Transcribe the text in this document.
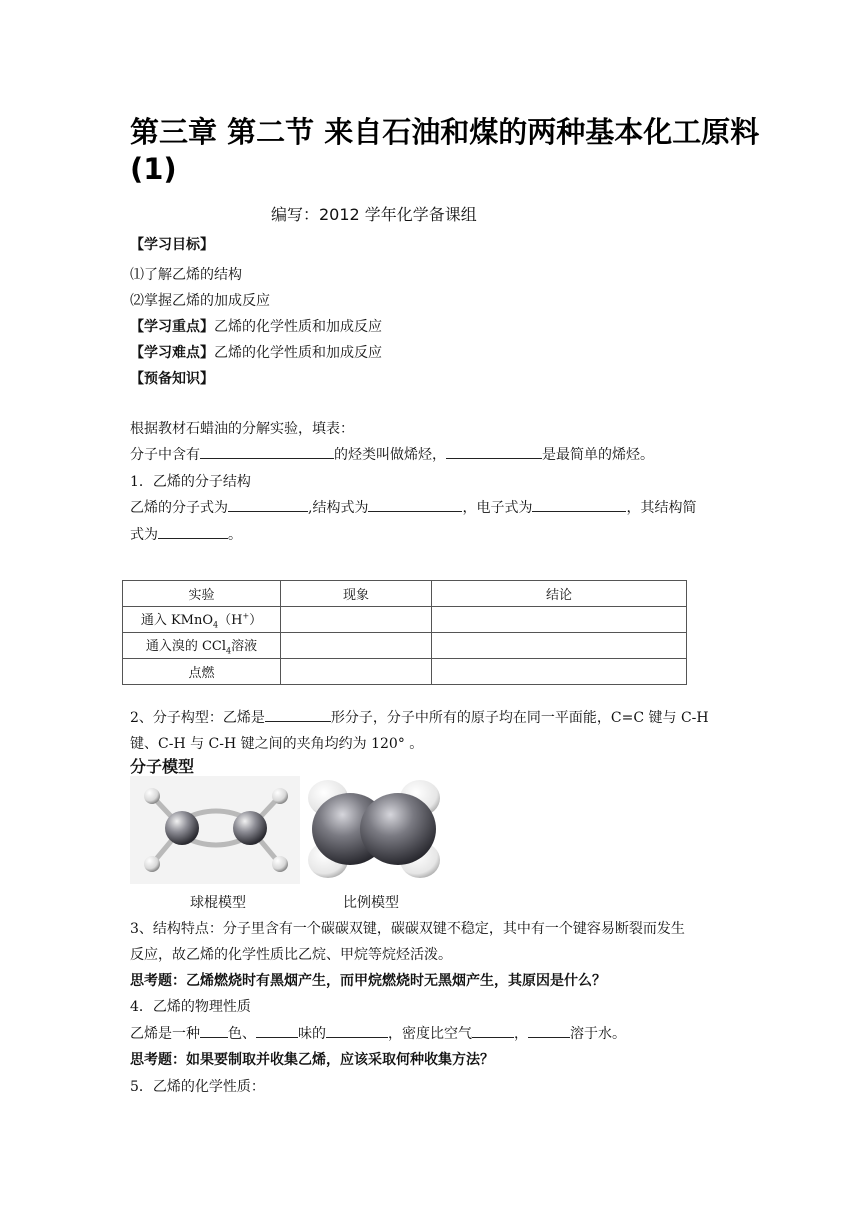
第三章 第二节 来自石油和煤的两种基本化工原料
(1)
编写：2012 学年化学备课组
【学习目标】
⑴了解乙烯的结构
⑵掌握乙烯的加成反应
【学习重点】乙烯的化学性质和加成反应
【学习难点】乙烯的化学性质和加成反应
【预备知识】
根据教材石蜡油的分解实验，填表：
分子中含有	的烃类叫做烯烃，	是最简单的烯烃。
1．乙烯的分子结构
乙烯的分子式为	,结构式为	，电子式为	，其结构简
式为	。
实验	现象	结论
通入 KMnO$_4$（H+）		
通入溴的 CCl$_4$溶液		
点燃		
2、分子构型：乙烯是	形分子，分子中所有的原子均在同一平面能，C=C 键与 C-H
键、C-H 与 C-H 键之间的夹角均约为 120° 。
分子模型
球棍模型	比例模型
3、结构特点：分子里含有一个碳碳双键，碳碳双键不稳定，其中有一个键容易断裂而发生
反应，故乙烯的化学性质比乙烷、甲烷等烷烃活泼。
思考题：乙烯燃烧时有黑烟产生，而甲烷燃烧时无黑烟产生，其原因是什么？
4．乙烯的物理性质
乙烯是一种 色、	味的	，密度比空气	，	溶于水。
思考题：如果要制取并收集乙烯，应该采取何种收集方法？
5．乙烯的化学性质：
